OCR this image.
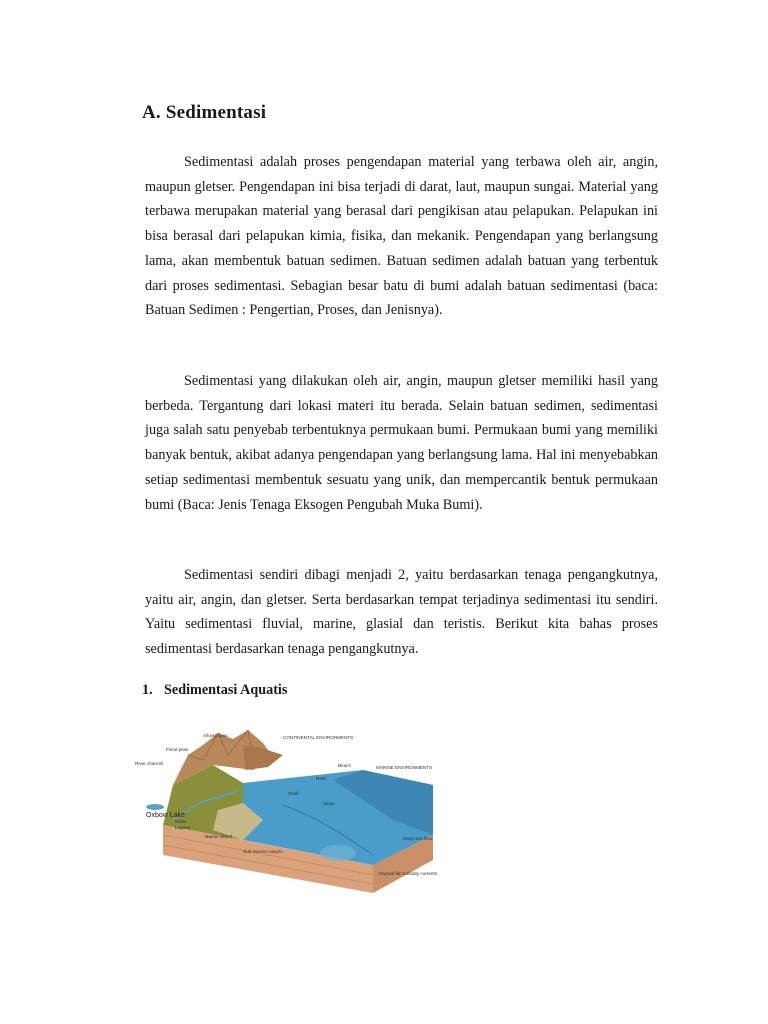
A. Sedimentasi

Sedimentasi adalah proses pengendapan material yang terbawa oleh air, angin, maupun gletser. Pengendapan ini bisa terjadi di darat, laut, maupun sungai. Material yang terbawa merupakan material yang berasal dari pengikisan atau pelapukan. Pelapukan ini bisa berasal dari pelapukan kimia, fisika, dan mekanik. Pengendapan yang berlangsung lama, akan membentuk batuan sedimen. Batuan sedimen adalah batuan yang terbentuk dari proses sedimentasi. Sebagian besar batu di bumi adalah batuan sedimentasi (baca: Batuan Sedimen : Pengertian, Proses, dan Jenisnya).

Sedimentasi yang dilakukan oleh air, angin, maupun gletser memiliki hasil yang berbeda. Tergantung dari lokasi materi itu berada. Selain batuan sedimen, sedimentasi juga salah satu penyebab terbentuknya permukaan bumi. Permukaan bumi yang memiliki banyak bentuk, akibat adanya pengendapan yang berlangsung lama. Hal ini menyebabkan setiap sedimentasi membentuk sesuatu yang unik, dan mempercantik bentuk permukaan bumi (Baca: Jenis Tenaga Eksogen Pengubah Muka Bumi).

Sedimentasi sendiri dibagi menjadi 2, yaitu berdasarkan tenaga pengangkutnya, yaitu air, angin, dan gletser. Serta berdasarkan tempat terjadinya sedimentasi itu sendiri. Yaitu sedimentasi fluvial, marine, glasial dan teristis. Berikut kita bahas proses sedimentasi berdasarkan tenaga pengangkutnya.

1. Sedimentasi Aquatis
Alluvial fans
Flood plain
River channel
CONTINENTAL ENVIRONMENTS
Beach	MARINE ENVIRONMENTS
Reef
Shelf
Slope
Oxbow Lake
Delta
Lagoon
Barrier island
Sub-marine canyon
Deep sea floor
Abyssal fan turbidity currents
